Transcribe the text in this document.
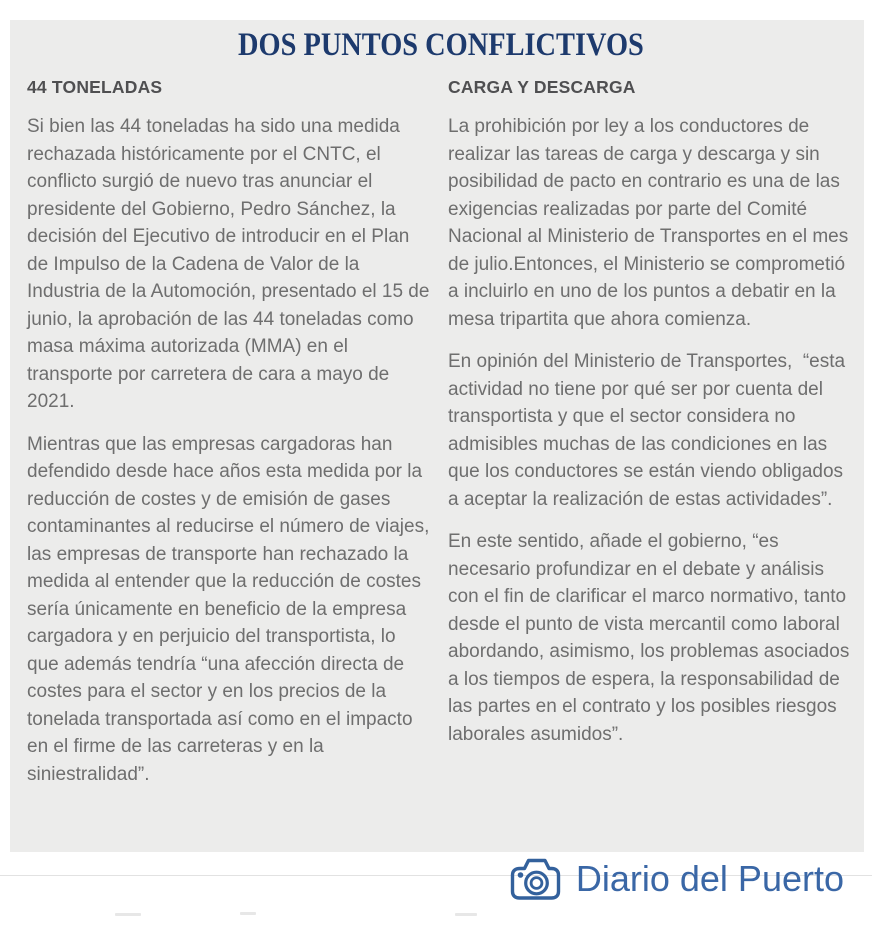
DOS PUNTOS CONFLICTIVOS
44 TONELADAS

Si bien las 44 toneladas ha sido una medida rechazada históricamente por el CNTC, el conflicto surgió de nuevo tras anunciar el presidente del Gobierno, Pedro Sánchez, la decisión del Ejecutivo de introducir en el Plan de Impulso de la Cadena de Valor de la Industria de la Automoción, presentado el 15 de junio, la aprobación de las 44 toneladas como masa máxima autorizada (MMA) en el transporte por carretera de cara a mayo de 2021.

Mientras que las empresas cargadoras han defendido desde hace años esta medida por la reducción de costes y de emisión de gases contaminantes al reducirse el número de viajes, las empresas de transporte han rechazado la medida al entender que la reducción de costes sería únicamente en beneficio de la empresa cargadora y en perjuicio del transportista, lo que además tendría “una afección directa de costes para el sector y en los precios de la tonelada transportada así como en el impacto en el firme de las carreteras y en la siniestralidad”.

CARGA Y DESCARGA

La prohibición por ley a los conductores de realizar las tareas de carga y descarga y sin posibilidad de pacto en contrario es una de las exigencias realizadas por parte del Comité Nacional al Ministerio de Transportes en el mes de julio.Entonces, el Ministerio se comprometió a incluirlo en uno de los puntos a debatir en la mesa tripartita que ahora comienza.

En opinión del Ministerio de Transportes,  “esta actividad no tiene por qué ser por cuenta del transportista y que el sector considera no admisibles muchas de las condiciones en las que los conductores se están viendo obligados a aceptar la realización de estas actividades”.

En este sentido, añade el gobierno, “es necesario profundizar en el debate y análisis con el fin de clarificar el marco normativo, tanto desde el punto de vista mercantil como laboral abordando, asimismo, los problemas asociados a los tiempos de espera, la responsabilidad de las partes en el contrato y los posibles riesgos laborales asumidos”.

Diario del Puerto
